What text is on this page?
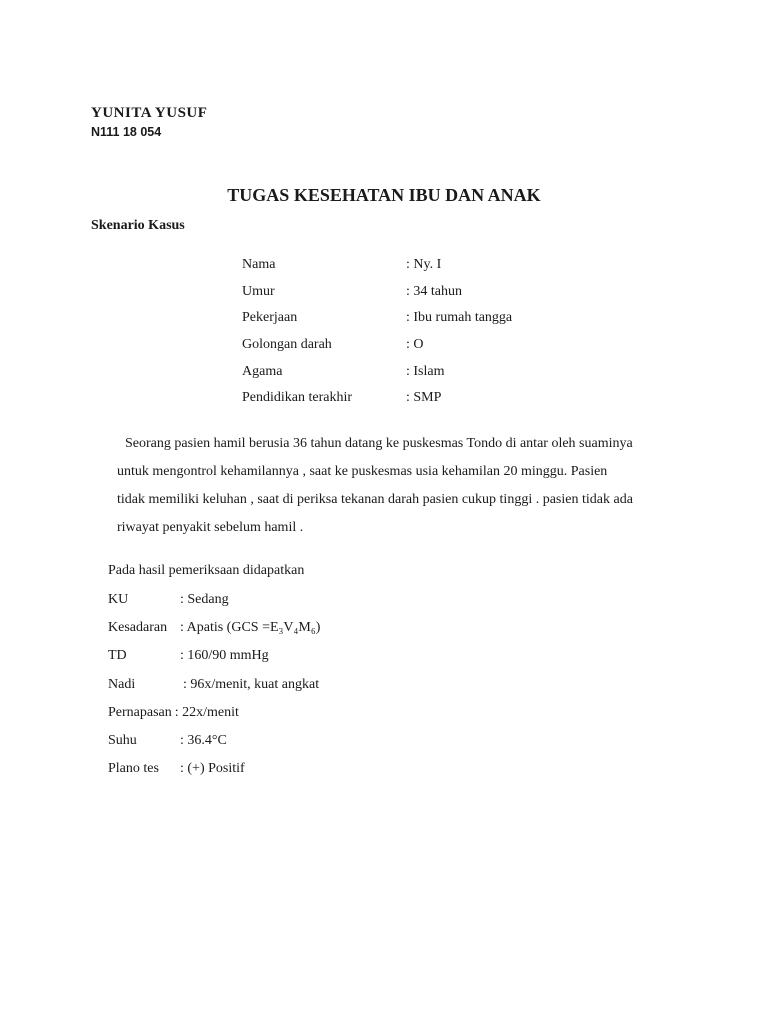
YUNITA YUSUF
N111 18 054
TUGAS KESEHATAN IBU DAN ANAK
Skenario Kasus
Nama	: Ny. I
Umur	: 34 tahun
Pekerjaan	: Ibu rumah tangga
Golongan darah	: O
Agama	: Islam
Pendidikan terakhir	: SMP
Seorang pasien hamil berusia 36 tahun datang ke puskesmas Tondo di antar oleh suaminya
untuk mengontrol kehamilannya , saat ke puskesmas usia kehamilan 20 minggu. Pasien
tidak memiliki keluhan , saat di periksa tekanan darah pasien cukup tinggi . pasien tidak ada
riwayat penyakit sebelum hamil .
Pada hasil pemeriksaan didapatkan
KU	: Sedang
Kesadaran : Apatis (GCS =E₃V₄M₆)
TD	: 160/90 mmHg
Nadi	: 96x/menit, kuat angkat
Pernapasan : 22x/menit
Suhu	: 36.4°C
Plano tes	: (+) Positif
